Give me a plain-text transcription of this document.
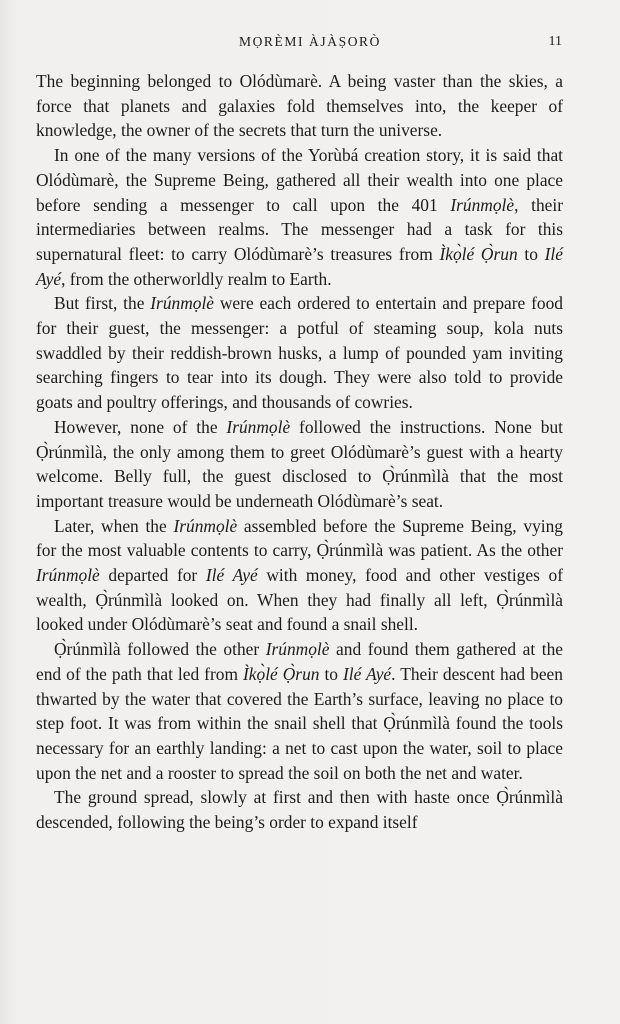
MỌRÈMI ÀJÀṢORÒ	11

The beginning belonged to Olódùmarè. A being vaster than the skies, a force that planets and galaxies fold themselves into, the keeper of knowledge, the owner of the secrets that turn the universe.

In one of the many versions of the Yorùbá creation story, it is said that Olódùmarè, the Supreme Being, gathered all their wealth into one place before sending a messenger to call upon the 401 Irúnmọlè, their intermediaries between realms. The messenger had a task for this supernatural fleet: to carry Olódùmarè’s treasures from Ìkọ̀lé Ọ̀run to Ilé Ayé, from the otherworldly realm to Earth.

But first, the Irúnmọlè were each ordered to entertain and prepare food for their guest, the messenger: a potful of steaming soup, kola nuts swaddled by their reddish-brown husks, a lump of pounded yam inviting searching fingers to tear into its dough. They were also told to provide goats and poultry offerings, and thousands of cowries.

However, none of the Irúnmọlè followed the instructions. None but Ọ̀rúnmìlà, the only among them to greet Olódùmarè’s guest with a hearty welcome. Belly full, the guest disclosed to Ọ̀rúnmìlà that the most important treasure would be underneath Olódùmarè’s seat.

Later, when the Irúnmọlè assembled before the Supreme Being, vying for the most valuable contents to carry, Ọ̀rúnmìlà was patient. As the other Irúnmọlè departed for Ilé Ayé with money, food and other vestiges of wealth, Ọ̀rúnmìlà looked on. When they had finally all left, Ọ̀rúnmìlà looked under Olódùmarè’s seat and found a snail shell.

Ọ̀rúnmìlà followed the other Irúnmọlè and found them gathered at the end of the path that led from Ìkọ̀lé Ọ̀run to Ilé Ayé. Their descent had been thwarted by the water that covered the Earth’s surface, leaving no place to step foot. It was from within the snail shell that Ọ̀rúnmìlà found the tools necessary for an earthly landing: a net to cast upon the water, soil to place upon the net and a rooster to spread the soil on both the net and water.

The ground spread, slowly at first and then with haste once Ọ̀rúnmìlà descended, following the being’s order to expand itself
